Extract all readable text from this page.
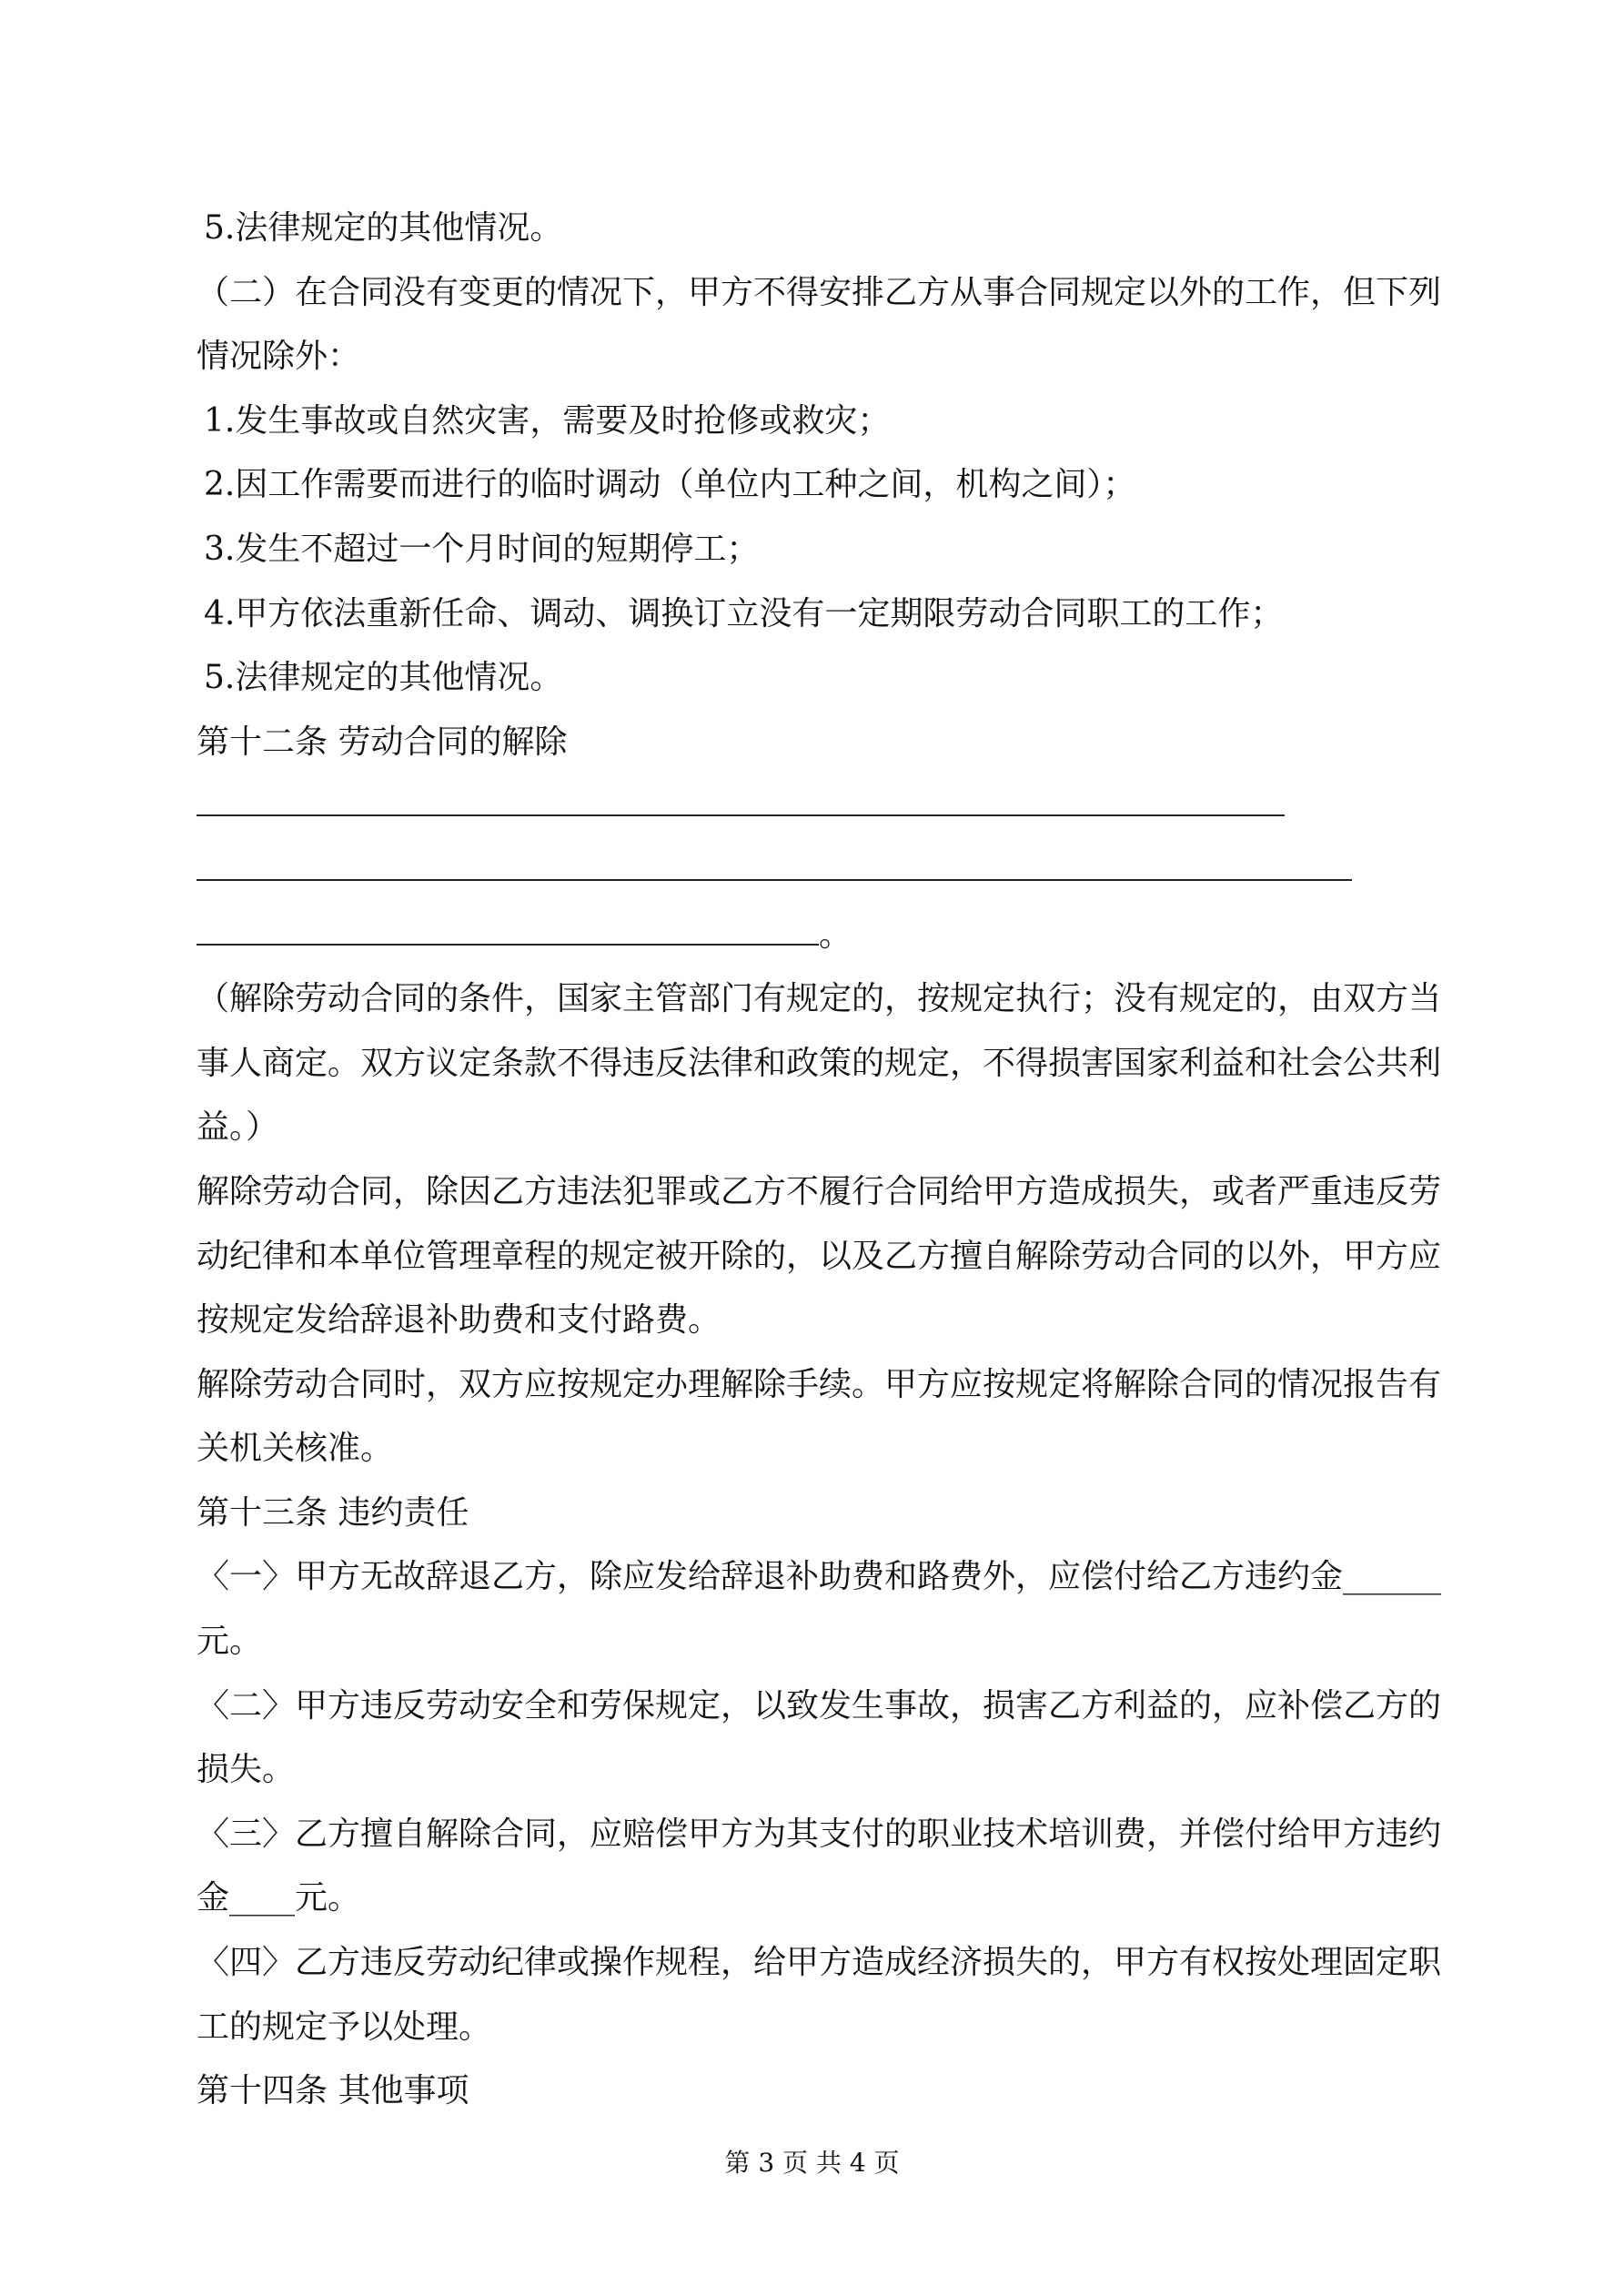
5.法律规定的其他情况。
（二）在合同没有变更的情况下，甲方不得安排乙方从事合同规定以外的工作，但下列
情况除外：
1.发生事故或自然灾害，需要及时抢修或救灾；
2.因工作需要而进行的临时调动（单位内工种之间，机构之间）；
3.发生不超过一个月时间的短期停工；
4.甲方依法重新任命、调动、调换订立没有一定期限劳动合同职工的工作；
5.法律规定的其他情况。
第十二条 劳动合同的解除
。
（解除劳动合同的条件，国家主管部门有规定的，按规定执行；没有规定的，由双方当
事人商定。双方议定条款不得违反法律和政策的规定，不得损害国家利益和社会公共利
益。）
解除劳动合同，除因乙方违法犯罪或乙方不履行合同给甲方造成损失，或者严重违反劳
动纪律和本单位管理章程的规定被开除的，以及乙方擅自解除劳动合同的以外，甲方应
按规定发给辞退补助费和支付路费。
解除劳动合同时，双方应按规定办理解除手续。甲方应按规定将解除合同的情况报告有
关机关核准。
第十三条 违约责任
〈一〉甲方无故辞退乙方，除应发给辞退补助费和路费外，应偿付给乙方违约金______
元。
〈二〉甲方违反劳动安全和劳保规定，以致发生事故，损害乙方利益的，应补偿乙方的
损失。
〈三〉乙方擅自解除合同，应赔偿甲方为其支付的职业技术培训费，并偿付给甲方违约
金____元。
〈四〉乙方违反劳动纪律或操作规程，给甲方造成经济损失的，甲方有权按处理固定职
工的规定予以处理。
第十四条 其他事项
第 3 页 共 4 页
